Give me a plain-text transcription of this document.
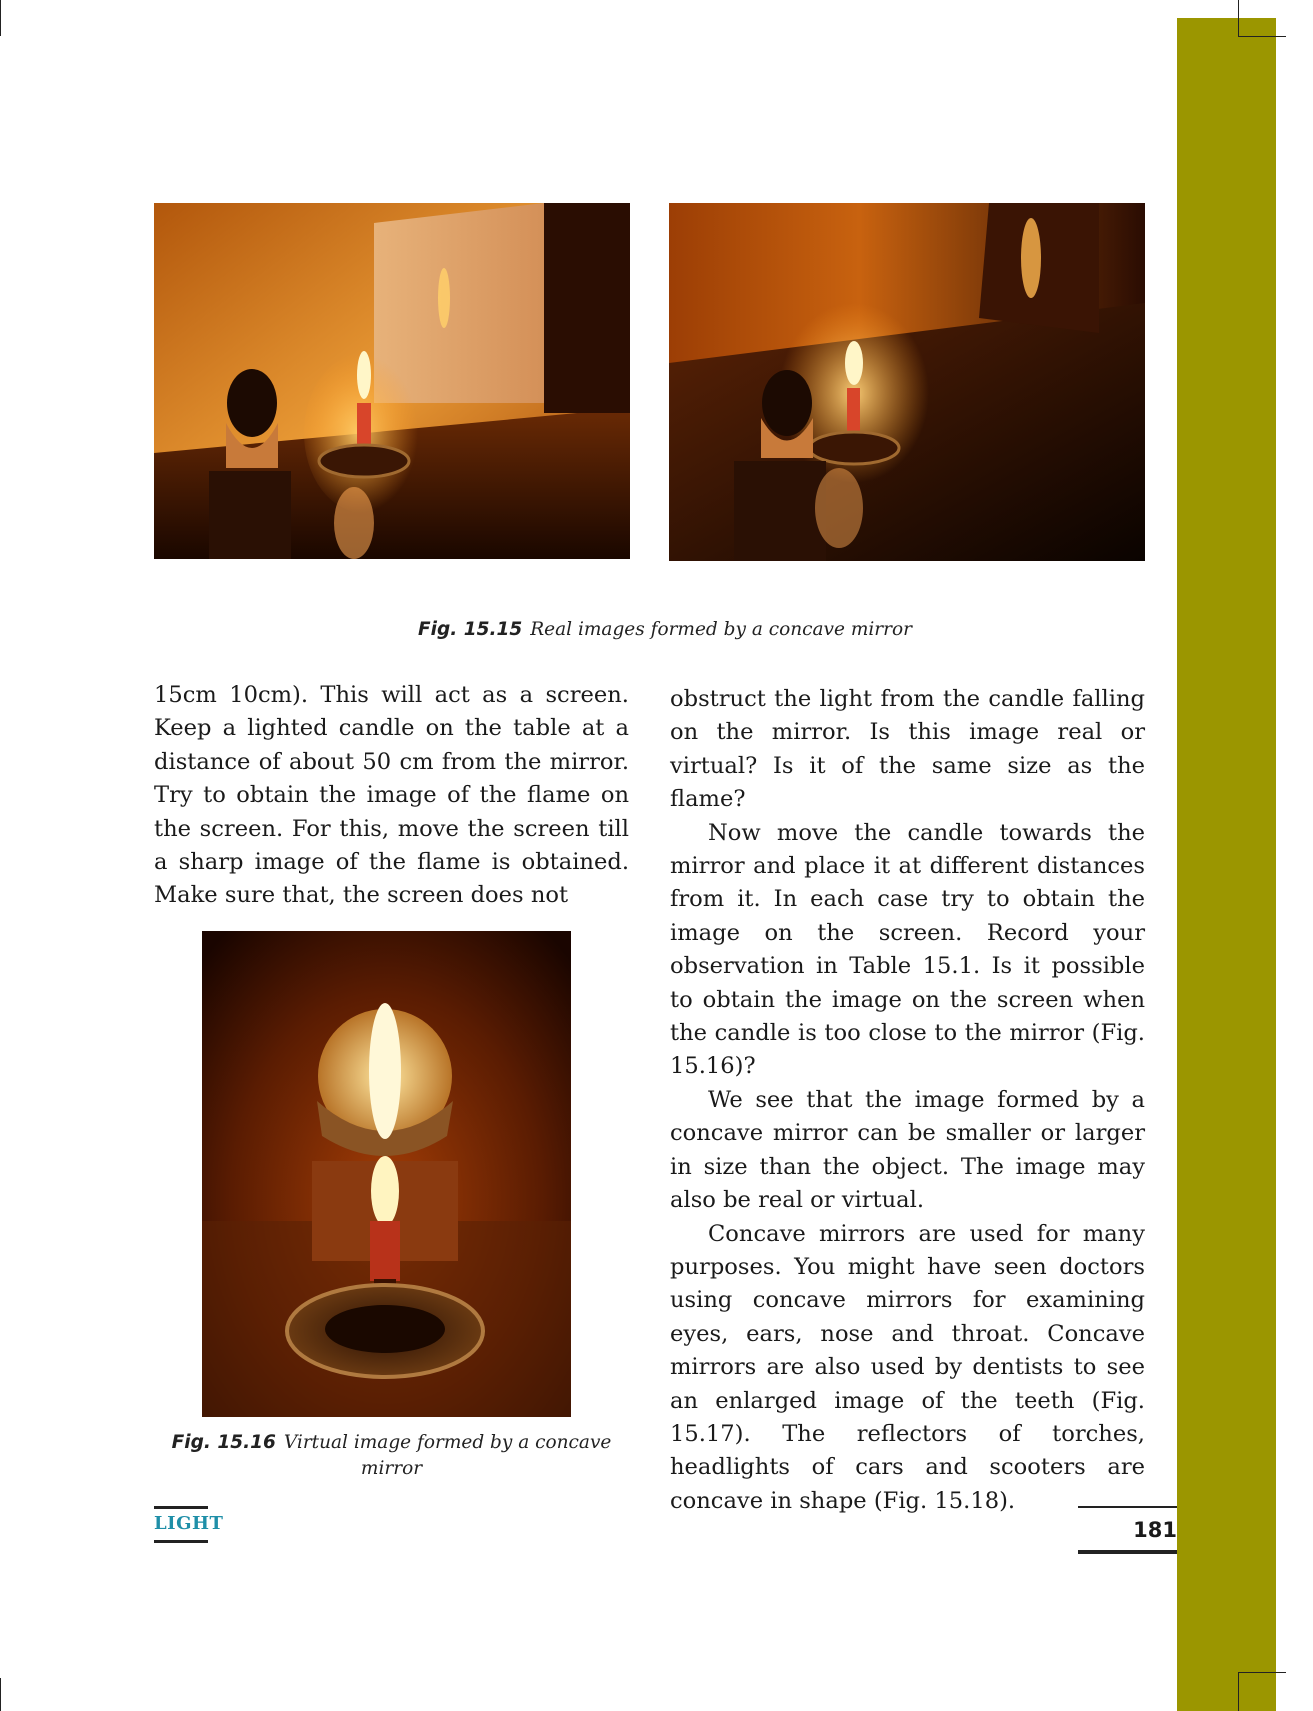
Fig. 15.15 Real images formed by a concave mirror

15cm 10cm). This will act as a screen. Keep a lighted candle on the table at a distance of about 50 cm from the mirror. Try to obtain the image of the flame on the screen. For this, move the screen till a sharp image of the flame is obtained. Make sure that, the screen does not

Fig. 15.16 Virtual image formed by a concave
mirror

obstruct the light from the candle falling on the mirror. Is this image real or virtual? Is it of the same size as the flame?

Now move the candle towards the mirror and place it at different distances from it. In each case try to obtain the image on the screen. Record your observation in Table 15.1. Is it possible to obtain the image on the screen when the candle is too close to the mirror (Fig. 15.16)?

We see that the image formed by a concave mirror can be smaller or larger in size than the object. The image may also be real or virtual.

Concave mirrors are used for many purposes. You might have seen doctors using concave mirrors for examining eyes, ears, nose and throat. Concave mirrors are also used by dentists to see an enlarged image of the teeth (Fig. 15.17). The reflectors of torches, headlights of cars and scooters are concave in shape (Fig. 15.18).

LIGHT	181
